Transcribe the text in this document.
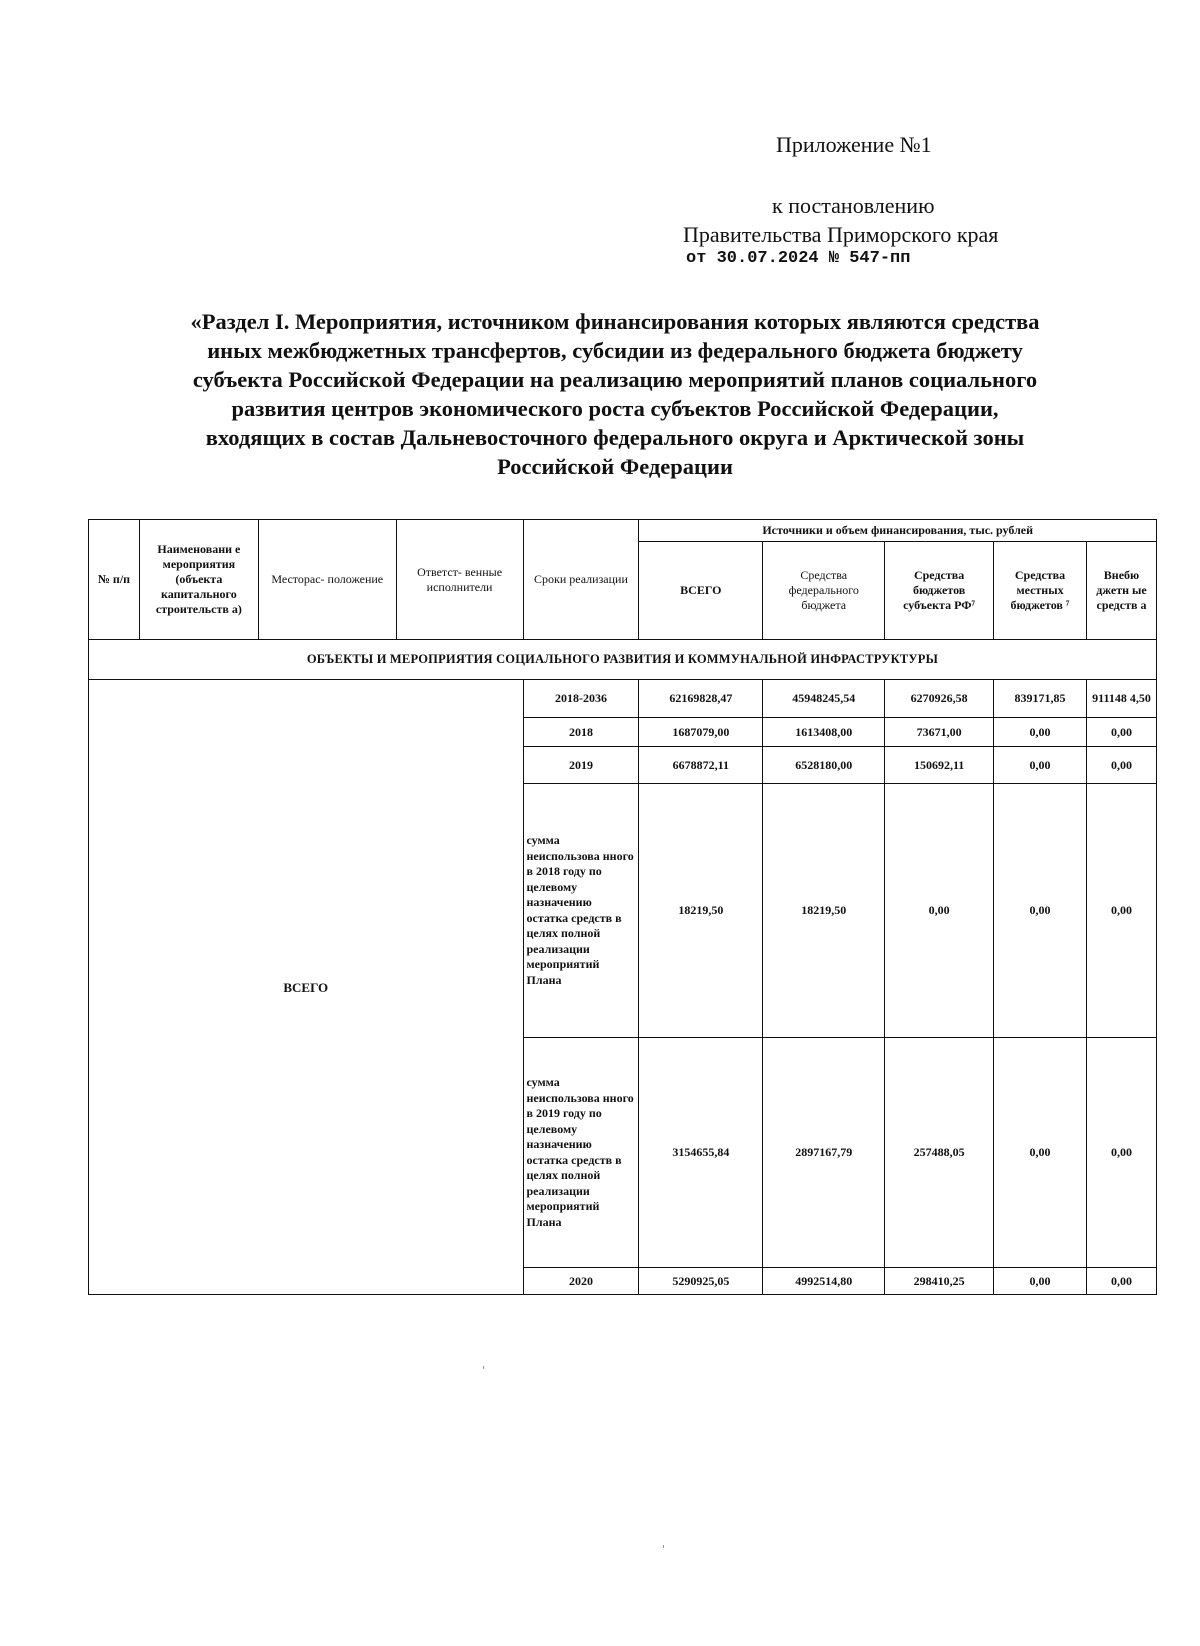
Приложение №1
к постановлению
Правительства Приморского края
от 30.07.2024 № 547-пп
«Раздел I. Мероприятия, источником финансирования которых являются средства
иных межбюджетных трансфертов, субсидии из федерального бюджета бюджету
субъекта Российской Федерации на реализацию мероприятий планов социального
развития центров экономического роста субъектов Российской Федерации,
входящих в состав Дальневосточного федерального округа и Арктической зоны
Российской Федерации
№ п/п	Наименовани е мероприятия (объекта капитального строительств а)	Месторас- положение	Ответст- венные исполнители	Сроки реализации	Источники и объем финансирования, тыс. рублей				
					ВСЕГО	Средства федерального бюджета	Средства бюджетов субъекта РФ⁷	Средства местных бюджетов ⁷	Внебю джетн ые средств а
ОБЪЕКТЫ И МЕРОПРИЯТИЯ СОЦИАЛЬНОГО РАЗВИТИЯ И КОММУНАЛЬНОЙ ИНФРАСТРУКТУРЫ									
ВСЕГО				2018-2036	62169828,47	45948245,54	6270926,58	839171,85	911148 4,50
				2018	1687079,00	1613408,00	73671,00	0,00	0,00
				2019	6678872,11	6528180,00	150692,11	0,00	0,00
				сумма неиспользова нного в 2018 году по целевому назначению остатка средств в целях полной реализации мероприятий Плана	18219,50	18219,50	0,00	0,00	0,00
				сумма неиспользова нного в 2019 году по целевому назначению остатка средств в целях полной реализации мероприятий Плана	3154655,84	2897167,79	257488,05	0,00	0,00
				2020	5290925,05	4992514,80	298410,25	0,00	0,00
